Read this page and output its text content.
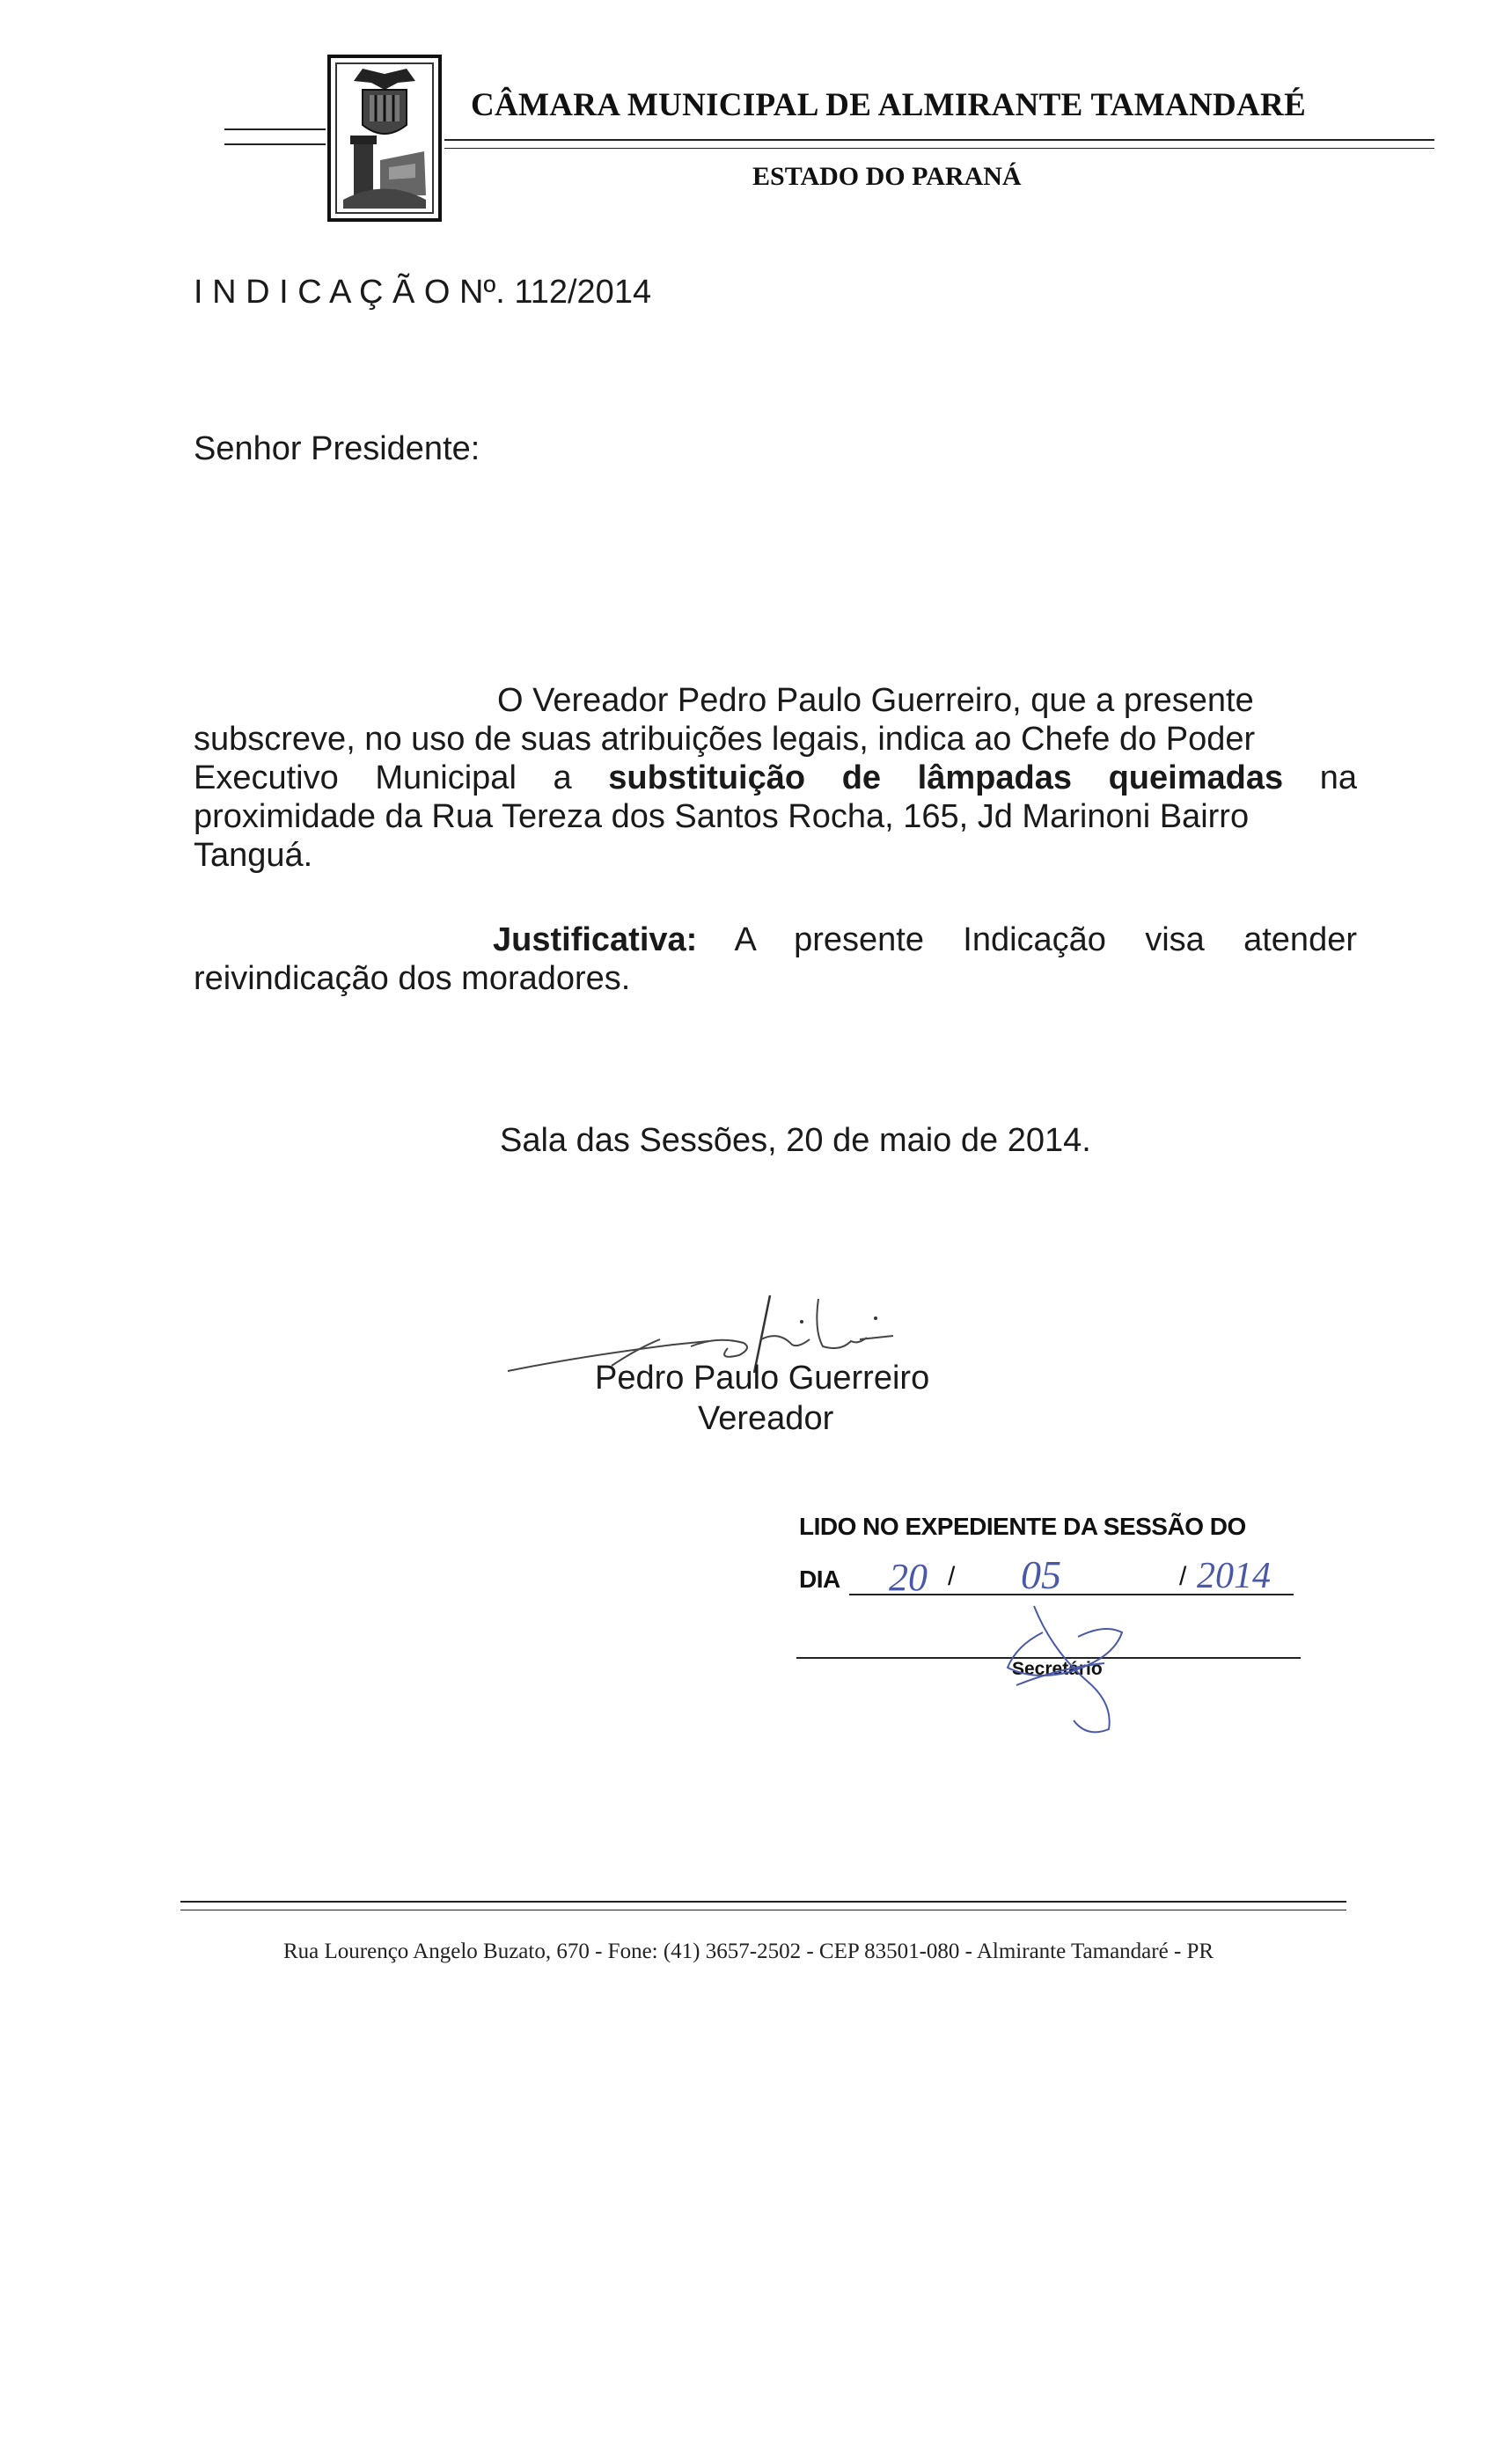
CÂMARA MUNICIPAL DE ALMIRANTE TAMANDARÉ
ESTADO DO PARANÁ
I N D I C A Ç Ã O Nº. 112/2014
Senhor Presidente:
O Vereador Pedro Paulo Guerreiro, que a presente
subscreve, no uso de suas atribuições legais, indica ao Chefe do Poder
Executivo Municipal a substituição de lâmpadas queimadas na
proximidade da Rua Tereza dos Santos Rocha, 165, Jd Marinoni Bairro
Tanguá.
Justificativa: A presente Indicação visa atender
reivindicação dos moradores.
Sala das Sessões, 20 de maio de 2014.
Pedro Paulo Guerreiro
Vereador
LIDO NO EXPEDIENTE DA SESSÃO DO
DIA	/	/
20 05	2014
Secretário
Rua Lourenço Angelo Buzato, 670 - Fone: (41) 3657-2502 - CEP 83501-080 - Almirante Tamandaré - PR
